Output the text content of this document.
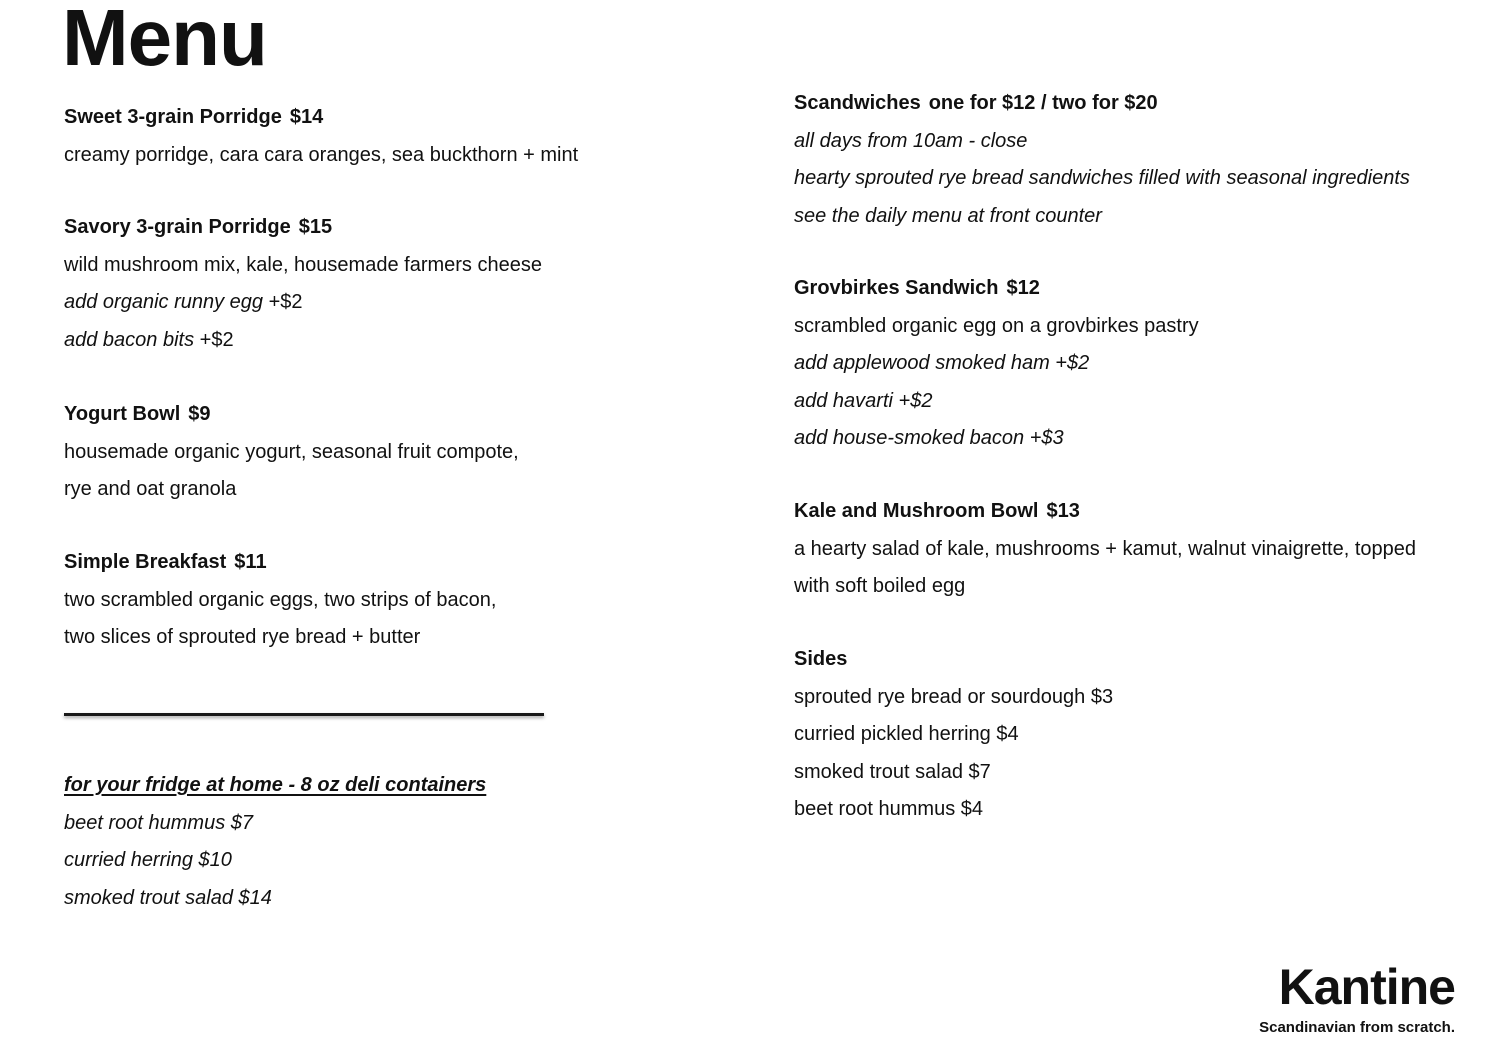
Menu
Sweet 3-grain Porridge $14
creamy porridge, cara cara oranges, sea buckthorn + mint
Savory 3-grain Porridge $15
wild mushroom mix, kale, housemade farmers cheese
add organic runny egg +$2
add bacon bits +$2
Yogurt Bowl $9
housemade organic yogurt, seasonal fruit compote,
rye and oat granola
Simple Breakfast $11
two scrambled organic eggs, two strips of bacon,
two slices of sprouted rye bread + butter
for your fridge at home - 8 oz deli containers
beet root hummus $7
curried herring $10
smoked trout salad $14
Scandwiches one for $12 / two for $20
all days from 10am - close
hearty sprouted rye bread sandwiches filled with seasonal ingredients
see the daily menu at front counter
Grovbirkes Sandwich $12
scrambled organic egg on a grovbirkes pastry
add applewood smoked ham +$2
add havarti +$2
add house-smoked bacon +$3
Kale and Mushroom Bowl $13
a hearty salad of kale, mushrooms + kamut, walnut vinaigrette, topped
with soft boiled egg
Sides
sprouted rye bread or sourdough $3
curried pickled herring $4
smoked trout salad $7
beet root hummus $4
Kantine
Scandinavian from scratch.
